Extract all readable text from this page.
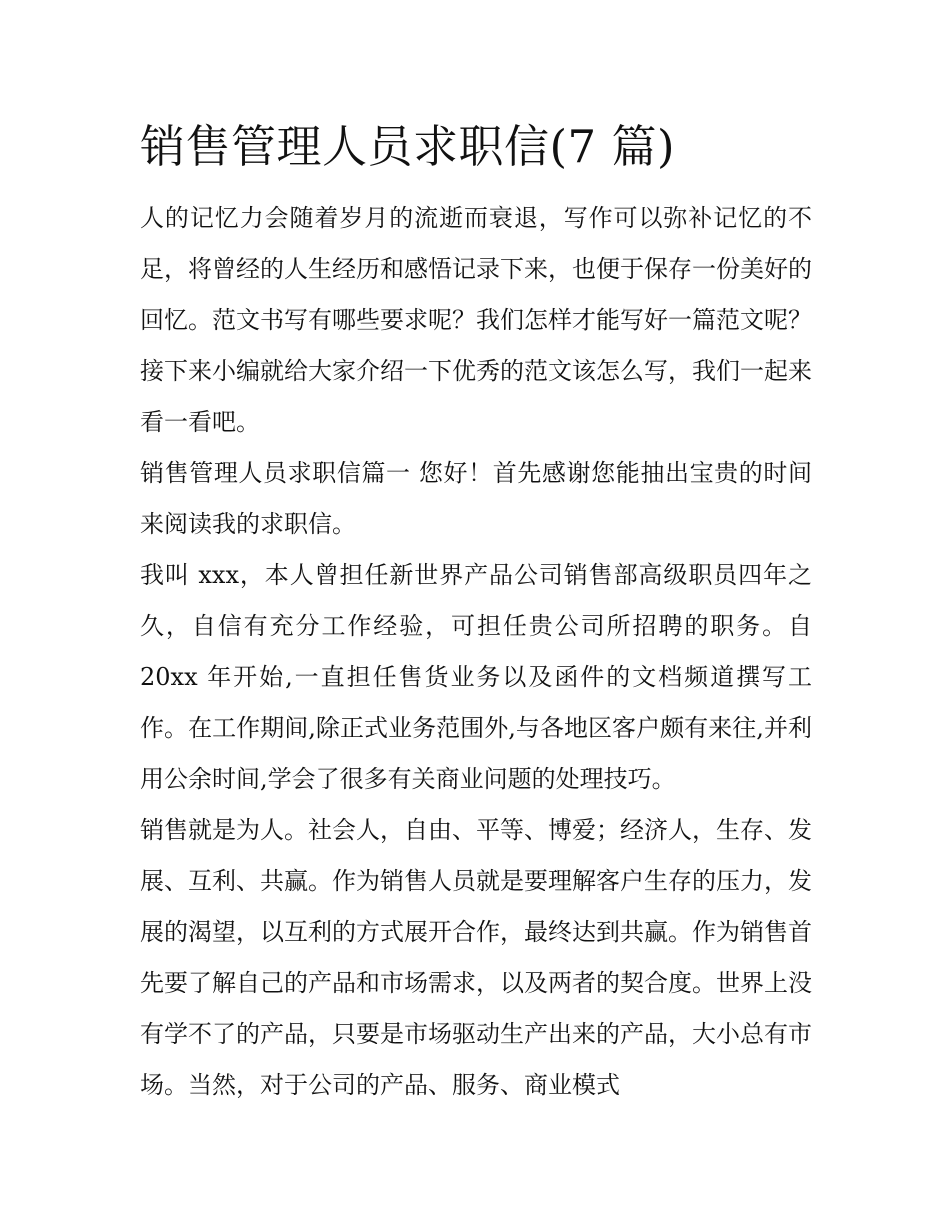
销售管理人员求职信(7 篇)

人的记忆力会随着岁月的流逝而衰退，写作可以弥补记忆的不足，将曾经的人生经历和感悟记录下来，也便于保存一份美好的回忆。范文书写有哪些要求呢？我们怎样才能写好一篇范文呢？接下来小编就给大家介绍一下优秀的范文该怎么写，我们一起来看一看吧。

销售管理人员求职信篇一 您好！首先感谢您能抽出宝贵的时间来阅读我的求职信。

我叫 xxx，本人曾担任新世界产品公司销售部高级职员四年之久，自信有充分工作经验，可担任贵公司所招聘的职务。自 20xx 年开始,一直担任售货业务以及函件的文档频道撰写工作。在工作期间,除正式业务范围外,与各地区客户颇有来往,并利用公余时间,学会了很多有关商业问题的处理技巧。

销售就是为人。社会人，自由、平等、博爱；经济人，生存、发展、互利、共赢。作为销售人员就是要理解客户生存的压力，发展的渴望，以互利的方式展开合作，最终达到共赢。作为销售首先要了解自己的产品和市场需求，以及两者的契合度。世界上没有学不了的产品，只要是市场驱动生产出来的产品，大小总有市场。当然，对于公司的产品、服务、商业模式
